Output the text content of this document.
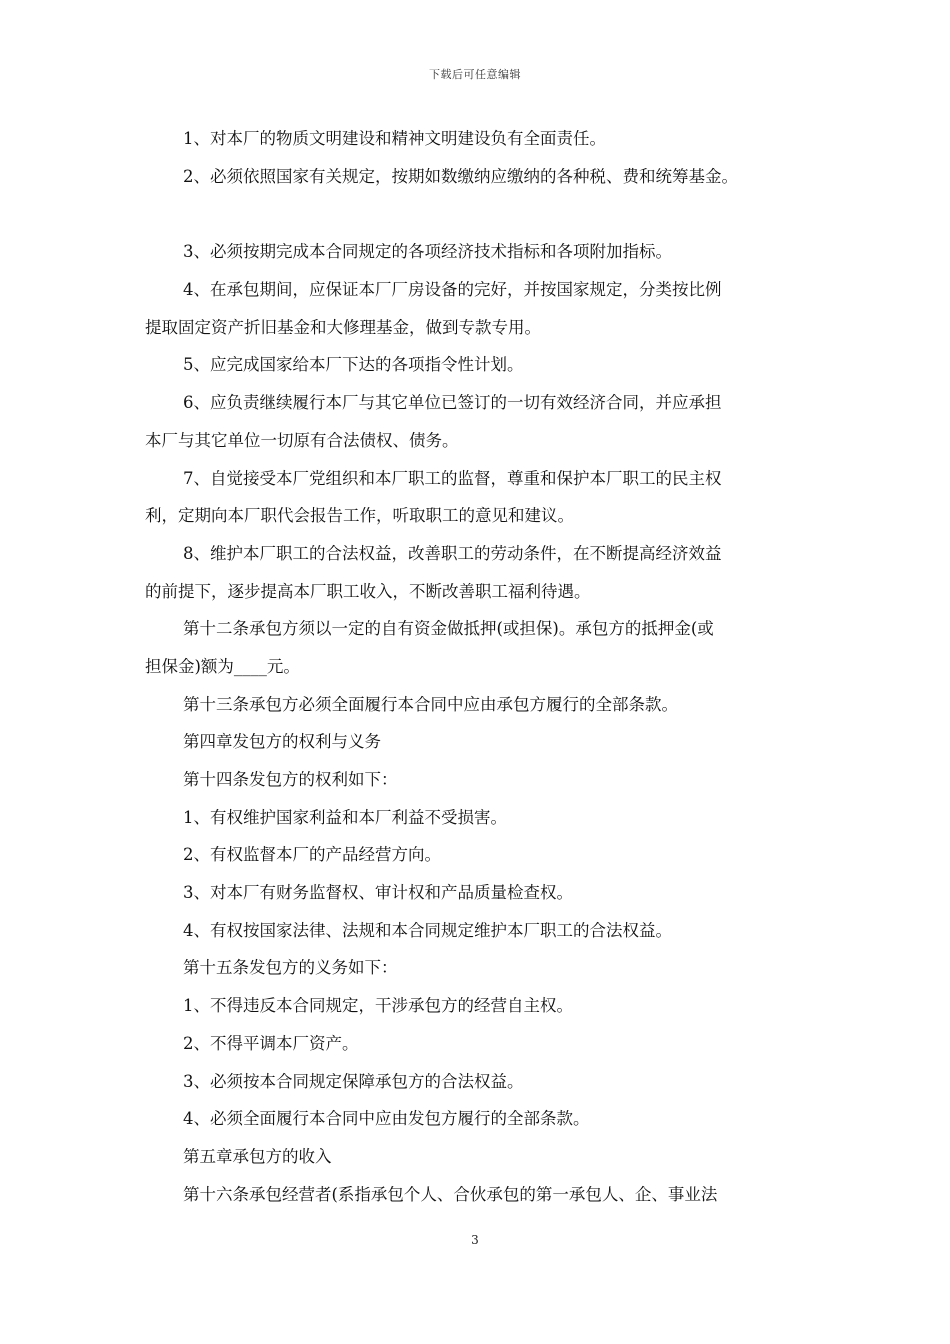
下载后可任意编辑
1、对本厂的物质文明建设和精神文明建设负有全面责任。
2、必须依照国家有关规定，按期如数缴纳应缴纳的各种税、费和统筹基金。
3、必须按期完成本合同规定的各项经济技术指标和各项附加指标。
4、在承包期间，应保证本厂厂房设备的完好，并按国家规定，分类按比例
提取固定资产折旧基金和大修理基金，做到专款专用。
5、应完成国家给本厂下达的各项指令性计划。
6、应负责继续履行本厂与其它单位已签订的一切有效经济合同，并应承担
本厂与其它单位一切原有合法债权、债务。
7、自觉接受本厂党组织和本厂职工的监督，尊重和保护本厂职工的民主权
利，定期向本厂职代会报告工作，听取职工的意见和建议。
8、维护本厂职工的合法权益，改善职工的劳动条件，在不断提高经济效益
的前提下，逐步提高本厂职工收入，不断改善职工福利待遇。
第十二条承包方须以一定的自有资金做抵押(或担保)。承包方的抵押金(或
担保金)额为____元。
第十三条承包方必须全面履行本合同中应由承包方履行的全部条款。
第四章发包方的权利与义务
第十四条发包方的权利如下：
1、有权维护国家利益和本厂利益不受损害。
2、有权监督本厂的产品经营方向。
3、对本厂有财务监督权、审计权和产品质量检查权。
4、有权按国家法律、法规和本合同规定维护本厂职工的合法权益。
第十五条发包方的义务如下：
1、不得违反本合同规定，干涉承包方的经营自主权。
2、不得平调本厂资产。
3、必须按本合同规定保障承包方的合法权益。
4、必须全面履行本合同中应由发包方履行的全部条款。
第五章承包方的收入
第十六条承包经营者(系指承包个人、合伙承包的第一承包人、企、事业法
3
